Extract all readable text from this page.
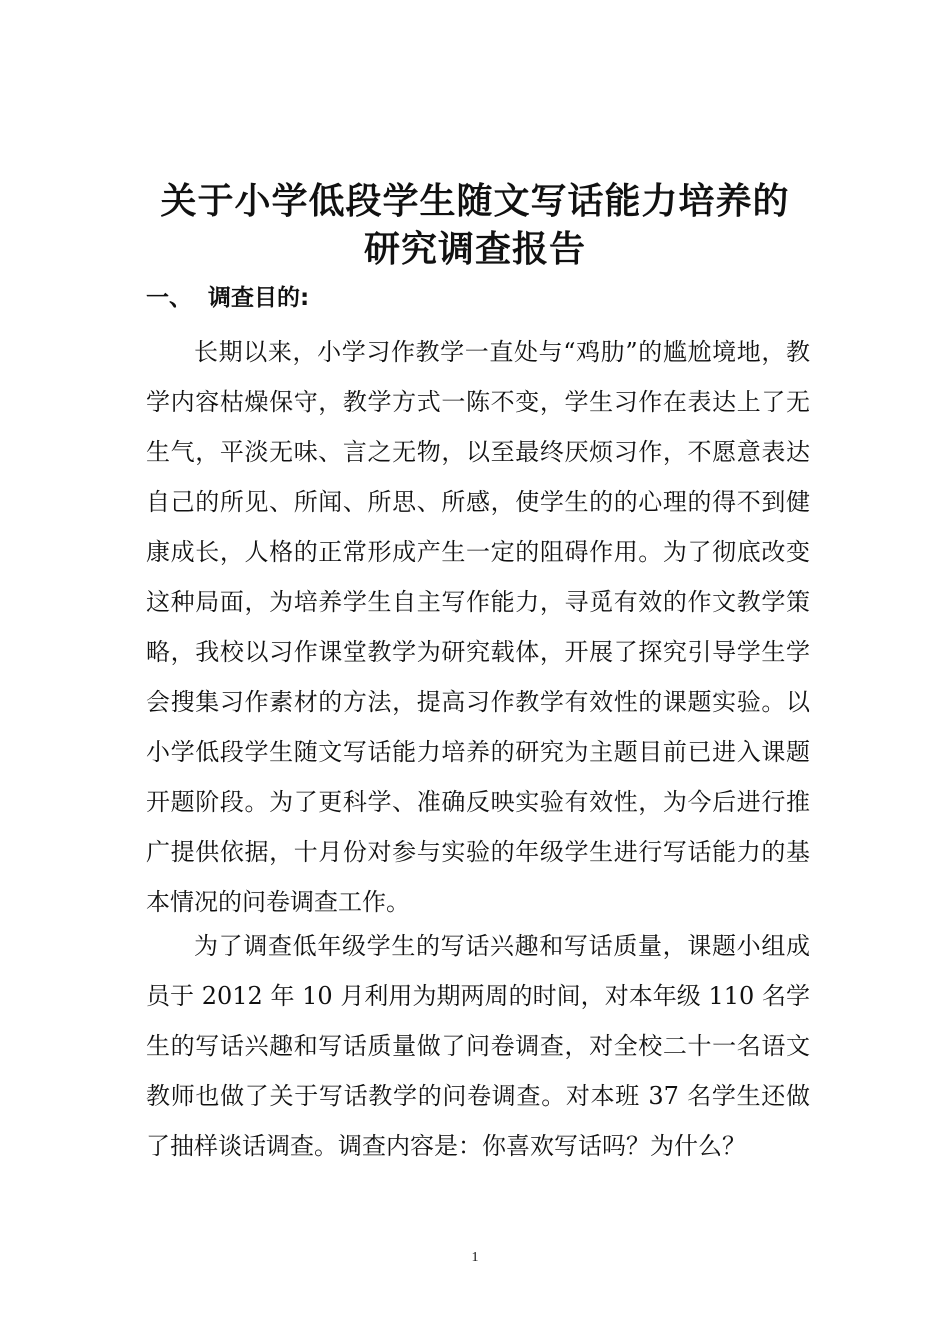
关于小学低段学生随文写话能力培养的
研究调查报告
一、 调查目的:

长期以来，小学习作教学一直处与“鸡肋”的尴尬境地，教学内容枯燥保守，教学方式一陈不变，学生习作在表达上了无生气，平淡无味、言之无物，以至最终厌烦习作，不愿意表达自己的所见、所闻、所思、所感，使学生的的心理的得不到健康成长，人格的正常形成产生一定的阻碍作用。为了彻底改变这种局面，为培养学生自主写作能力，寻觅有效的作文教学策略，我校以习作课堂教学为研究载体，开展了探究引导学生学会搜集习作素材的方法，提高习作教学有效性的课题实验。以小学低段学生随文写话能力培养的研究为主题目前已进入课题开题阶段。为了更科学、准确反映实验有效性，为今后进行推广提供依据，十月份对参与实验的年级学生进行写话能力的基本情况的问卷调查工作。

为了调查低年级学生的写话兴趣和写话质量，课题小组成员于 2012 年 10 月利用为期两周的时间，对本年级 110 名学生的写话兴趣和写话质量做了问卷调查，对全校二十一名语文教师也做了关于写话教学的问卷调查。对本班 37 名学生还做了抽样谈话调查。调查内容是：你喜欢写话吗？为什么？

1
